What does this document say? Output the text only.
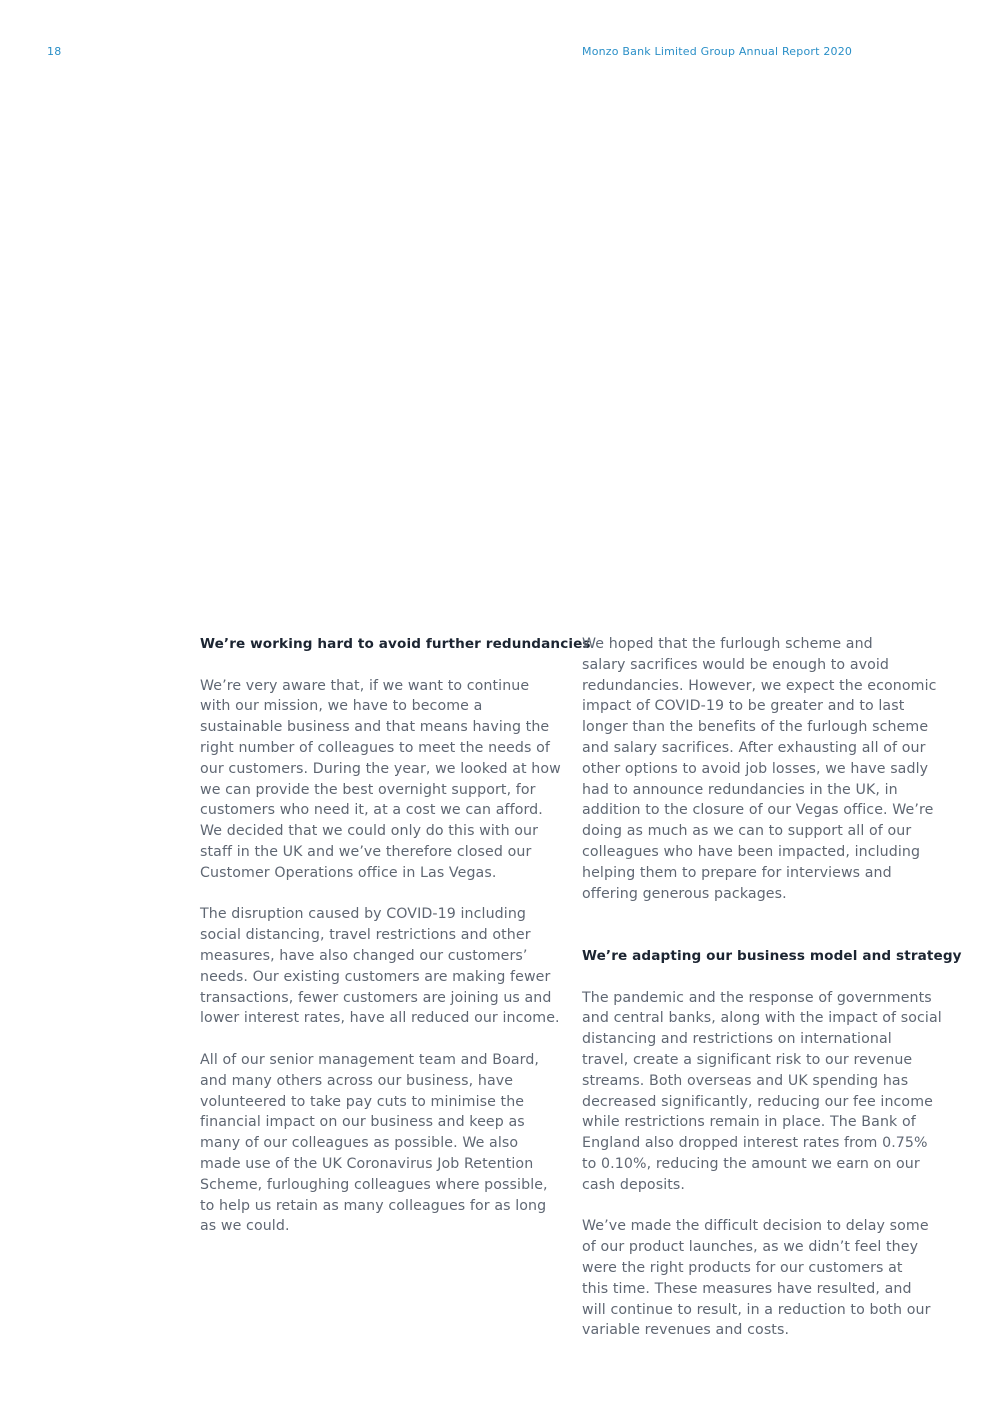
18	Monzo Bank Limited Group Annual Report 2020

We’re working hard to avoid further redundancies

We’re very aware that, if we want to continue
with our mission, we have to become a
sustainable business and that means having the
right number of colleagues to meet the needs of
our customers. During the year, we looked at how
we can provide the best overnight support, for
customers who need it, at a cost we can afford.
We decided that we could only do this with our
staff in the UK and we’ve therefore closed our
Customer Operations office in Las Vegas.

The disruption caused by COVID-19 including
social distancing, travel restrictions and other
measures, have also changed our customers’
needs. Our existing customers are making fewer
transactions, fewer customers are joining us and
lower interest rates, have all reduced our income.

All of our senior management team and Board,
and many others across our business, have
volunteered to take pay cuts to minimise the
financial impact on our business and keep as
many of our colleagues as possible. We also
made use of the UK Coronavirus Job Retention
Scheme, furloughing colleagues where possible,
to help us retain as many colleagues for as long
as we could.

We hoped that the furlough scheme and
salary sacrifices would be enough to avoid
redundancies. However, we expect the economic
impact of COVID-19 to be greater and to last
longer than the benefits of the furlough scheme
and salary sacrifices. After exhausting all of our
other options to avoid job losses, we have sadly
had to announce redundancies in the UK, in
addition to the closure of our Vegas office. We’re
doing as much as we can to support all of our
colleagues who have been impacted, including
helping them to prepare for interviews and
offering generous packages.

We’re adapting our business model and strategy

The pandemic and the response of governments
and central banks, along with the impact of social
distancing and restrictions on international
travel, create a significant risk to our revenue
streams. Both overseas and UK spending has
decreased significantly, reducing our fee income
while restrictions remain in place. The Bank of
England also dropped interest rates from 0.75%
to 0.10%, reducing the amount we earn on our
cash deposits.

We’ve made the difficult decision to delay some
of our product launches, as we didn’t feel they
were the right products for our customers at
this time. These measures have resulted, and
will continue to result, in a reduction to both our
variable revenues and costs.
